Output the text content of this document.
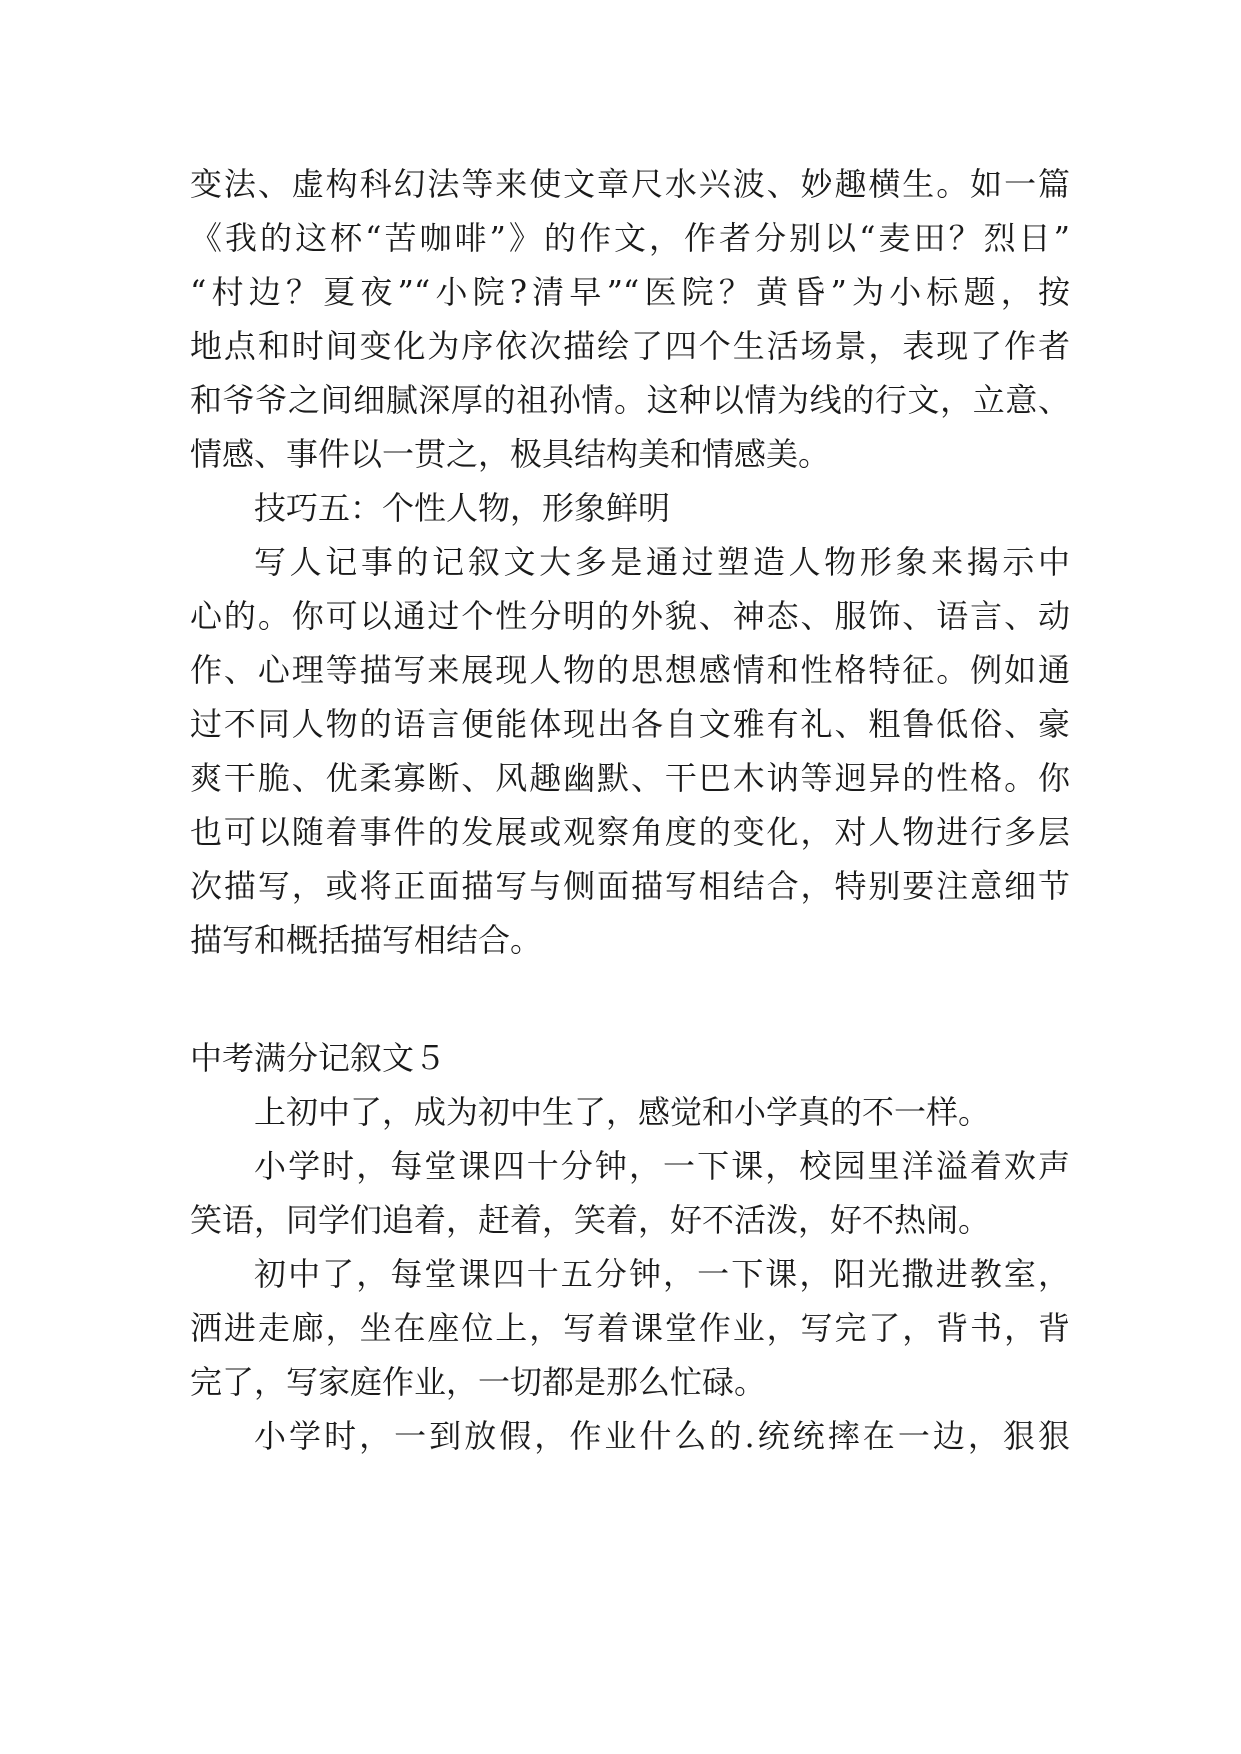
变法、虚构科幻法等来使文章尺水兴波、妙趣横生。如一篇

《我的这杯“苦咖啡”》的作文，作者分别以“麦田？烈日”

“村边？夏夜”“小院?清早”“医院？黄昏”为小标题，按

地点和时间变化为序依次描绘了四个生活场景，表现了作者

和爷爷之间细腻深厚的祖孙情。这种以情为线的行文，立意、

情感、事件以一贯之，极具结构美和情感美。

技巧五：个性人物，形象鲜明

写人记事的记叙文大多是通过塑造人物形象来揭示中

心的。你可以通过个性分明的外貌、神态、服饰、语言、动

作、心理等描写来展现人物的思想感情和性格特征。例如通

过不同人物的语言便能体现出各自文雅有礼、粗鲁低俗、豪

爽干脆、优柔寡断、风趣幽默、干巴木讷等迥异的性格。你

也可以随着事件的发展或观察角度的变化，对人物进行多层

次描写，或将正面描写与侧面描写相结合，特别要注意细节

描写和概括描写相结合。

中考满分记叙文５

上初中了，成为初中生了，感觉和小学真的不一样。

小学时，每堂课四十分钟，一下课，校园里洋溢着欢声

笑语，同学们追着，赶着，笑着，好不活泼，好不热闹。

初中了，每堂课四十五分钟，一下课，阳光撒进教室，

洒进走廊，坐在座位上，写着课堂作业，写完了，背书，背

完了，写家庭作业，一切都是那么忙碌。

小学时，一到放假，作业什么的.统统摔在一边，狠狠
